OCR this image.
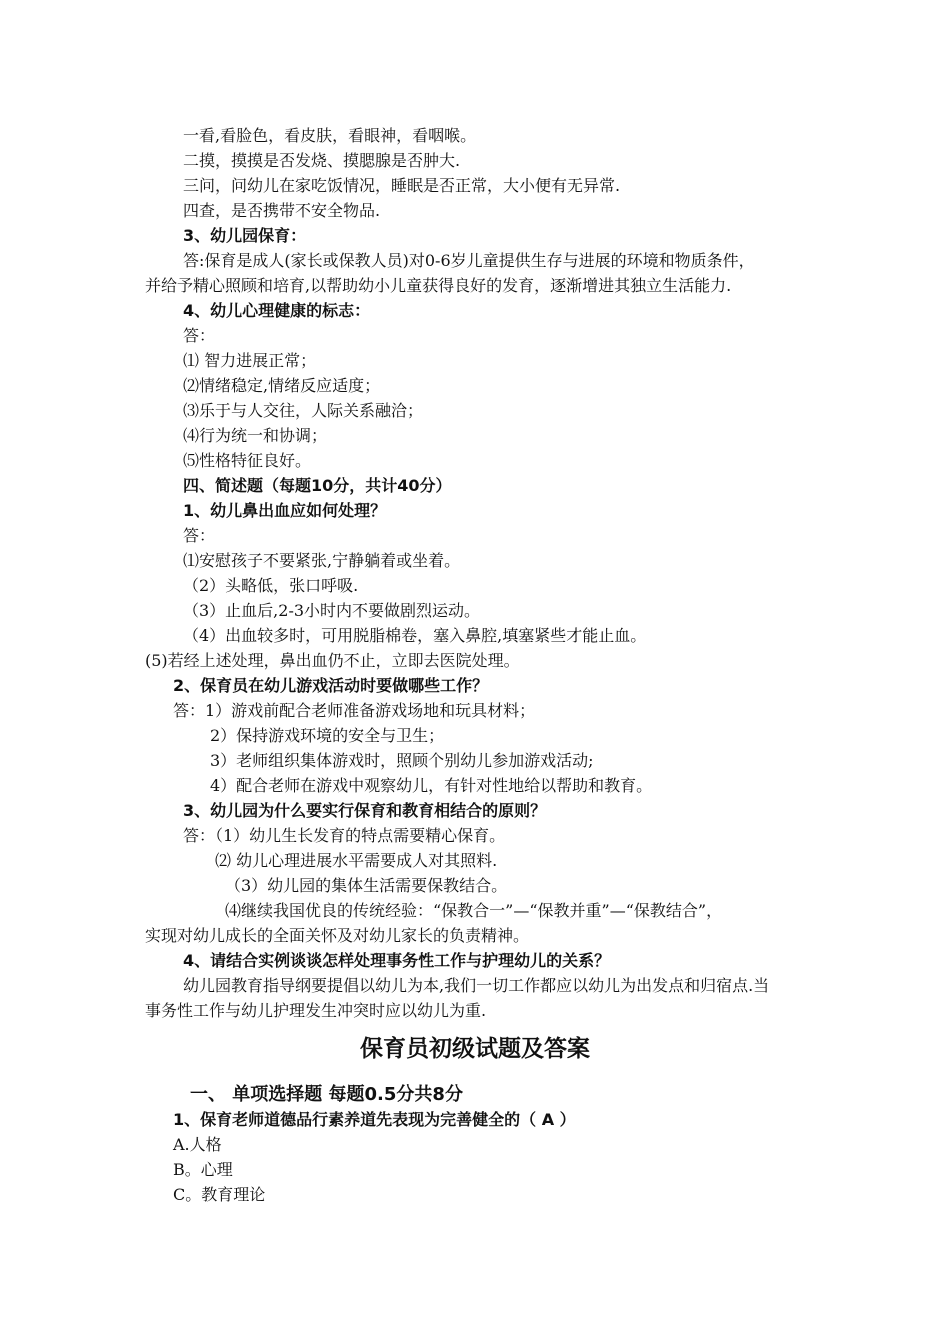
一看,看脸色，看皮肤，看眼神，看咽喉。
二摸，摸摸是否发烧、摸腮腺是否肿大.
三问，问幼儿在家吃饭情况，睡眠是否正常，大小便有无异常.
四查，是否携带不安全物品.
3、幼儿园保育：
答:保育是成人(家长或保教人员)对0-6岁儿童提供生存与进展的环境和物质条件，
并给予精心照顾和培育,以帮助幼小儿童获得良好的发育，逐渐增进其独立生活能力.
4、幼儿心理健康的标志：
答：
⑴ 智力进展正常；
⑵情绪稳定,情绪反应适度；
⑶乐于与人交往，人际关系融洽；
⑷行为统一和协调；
⑸性格特征良好。
四、简述题（每题10分，共计40分）
1、幼儿鼻出血应如何处理？
答：
⑴安慰孩子不要紧张,宁静躺着或坐着。
（2）头略低，张口呼吸.
（3）止血后,2-3小时内不要做剧烈运动。
（4）出血较多时，可用脱脂棉卷，塞入鼻腔,填塞紧些才能止血。
(5)若经上述处理，鼻出血仍不止，立即去医院处理。
2、保育员在幼儿游戏活动时要做哪些工作？
答：1）游戏前配合老师准备游戏场地和玩具材料；
2）保持游戏环境的安全与卫生；
3）老师组织集体游戏时，照顾个别幼儿参加游戏活动;
4）配合老师在游戏中观察幼儿，有针对性地给以帮助和教育。
3、幼儿园为什么要实行保育和教育相结合的原则？
答：（1）幼儿生长发育的特点需要精心保育。
⑵ 幼儿心理进展水平需要成人对其照料.
（3）幼儿园的集体生活需要保教结合。
⑷继续我国优良的传统经验：“保教合一”—“保教并重”—“保教结合”，
实现对幼儿成长的全面关怀及对幼儿家长的负责精神。
4、请结合实例谈谈怎样处理事务性工作与护理幼儿的关系？
幼儿园教育指导纲要提倡以幼儿为本,我们一切工作都应以幼儿为出发点和归宿点.当
事务性工作与幼儿护理发生冲突时应以幼儿为重.
保育员初级试题及答案
一、 单项选择题 每题0.5分共8分
1、保育老师道德品行素养道先表现为完善健全的（ A ）
A.人格
B。心理
C。教育理论
